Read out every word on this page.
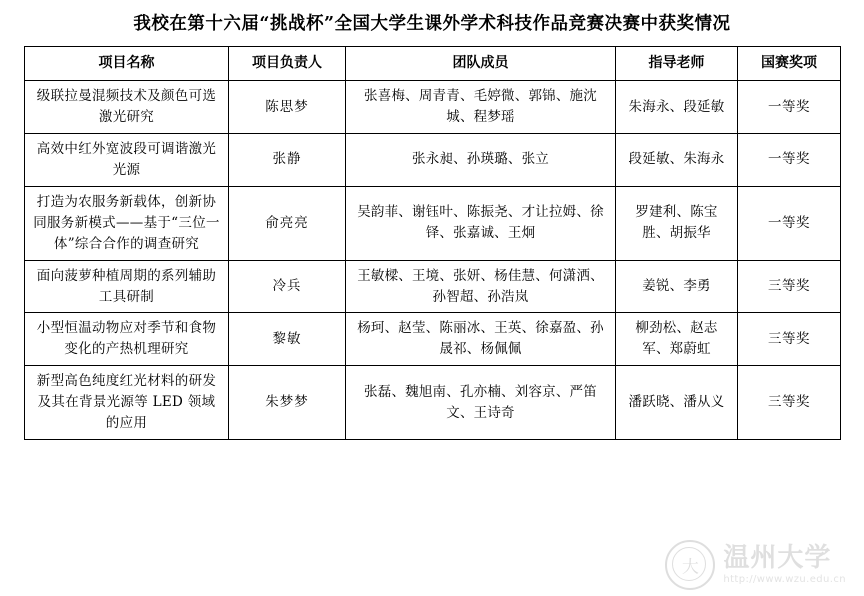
我校在第十六届“挑战杯”全国大学生课外学术科技作品竞赛决赛中获奖情况
项目名称	项目负责人	团队成员	指导老师	国赛奖项
级联拉曼混频技术及颜色可选激光研究	陈思梦	张喜梅、周青青、毛婷微、郭锦、施沈城、程梦瑶	朱海永、段延敏	一等奖
高效中红外宽波段可调谐激光光源	张静	张永昶、孙瑛璐、张立	段延敏、朱海永	一等奖
打造为农服务新载体，创新协同服务新模式——基于“三位一体”综合合作的调查研究	俞亮亮	吴韵菲、谢钰叶、陈振尧、才让拉姆、徐铎、张嘉诚、王炯	罗建利、陈宝胜、胡振华	一等奖
面向菠萝种植周期的系列辅助工具研制	冷兵	王敏樑、王境、张妍、杨佳慧、何潇洒、孙智超、孙浩岚	姜锐、李勇	三等奖
小型恒温动物应对季节和食物变化的产热机理研究	黎敏	杨珂、赵莹、陈丽冰、王英、徐嘉盈、孙晟祁、杨佩佩	柳劲松、赵志军、郑蔚虹	三等奖
新型高色纯度红光材料的研发及其在背景光源等 LED 领域的应用	朱梦梦	张磊、魏旭南、孔亦楠、刘容京、严笛文、王诗奇	潘跃晓、潘从义	三等奖
大 温州大学
http://www.wzu.edu.cn
